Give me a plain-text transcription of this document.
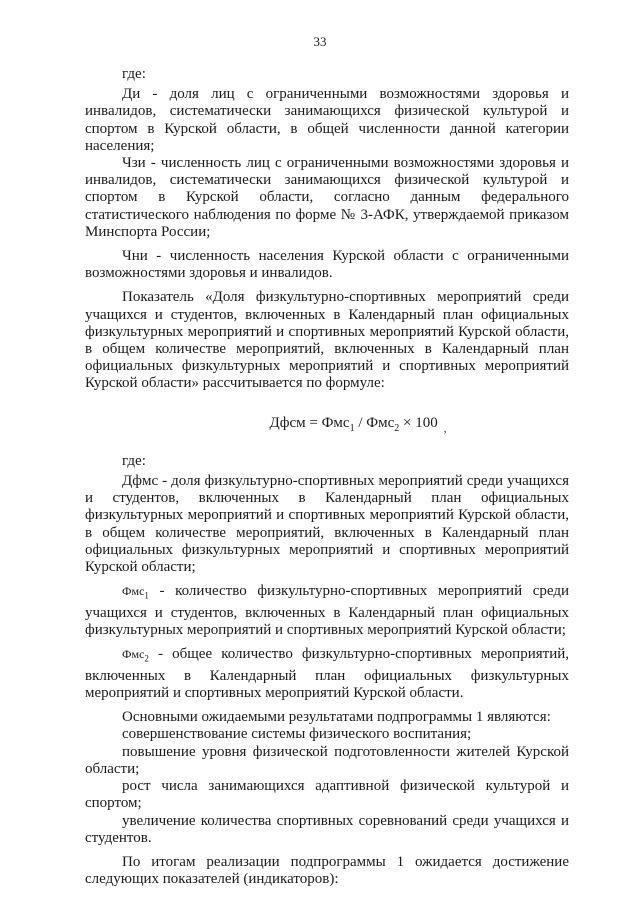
33
где:

Ди - доля лиц с ограниченными возможностями здоровья и инвалидов, систематически занимающихся физической культурой и спортом в Курской области, в общей численности данной категории населения;

Чзи - численность лиц с ограниченными возможностями здоровья и инвалидов, систематически занимающихся физической культурой и спортом в Курской области, согласно данным федерального статистического наблюдения по форме № 3-АФК, утверждаемой приказом Минспорта России;

Чни - численность населения Курской области с ограниченными возможностями здоровья и инвалидов.

Показатель «Доля физкультурно-спортивных мероприятий среди учащихся и студентов, включенных в Календарный план официальных физкультурных мероприятий и спортивных мероприятий Курской области, в общем количестве мероприятий, включенных в Календарный план официальных физкультурных мероприятий и спортивных мероприятий Курской области» рассчитывается по формуле:

Дфсм = Фмс$_1$ / Фмс$_2$ × 100 $_,$
где:

Дфмс - доля физкультурно-спортивных мероприятий среди учащихся и студентов, включенных в Календарный план официальных физкультурных мероприятий и спортивных мероприятий Курской области, в общем количестве мероприятий, включенных в Календарный план официальных физкультурных мероприятий и спортивных мероприятий Курской области;

Фмс$_1$ - количество физкультурно-спортивных мероприятий среди учащихся и студентов, включенных в Календарный план официальных физкультурных мероприятий и спортивных мероприятий Курской области;

Фмс$_2$ - общее количество физкультурно-спортивных мероприятий, включенных в Календарный план официальных физкультурных мероприятий и спортивных мероприятий Курской области.

Основными ожидаемыми результатами подпрограммы 1 являются:

совершенствование системы физического воспитания;

повышение уровня физической подготовленности жителей Курской области;

рост числа занимающихся адаптивной физической культурой и спортом;

увеличение количества спортивных соревнований среди учащихся и студентов.

По итогам реализации подпрограммы 1 ожидается достижение следующих показателей (индикаторов):
